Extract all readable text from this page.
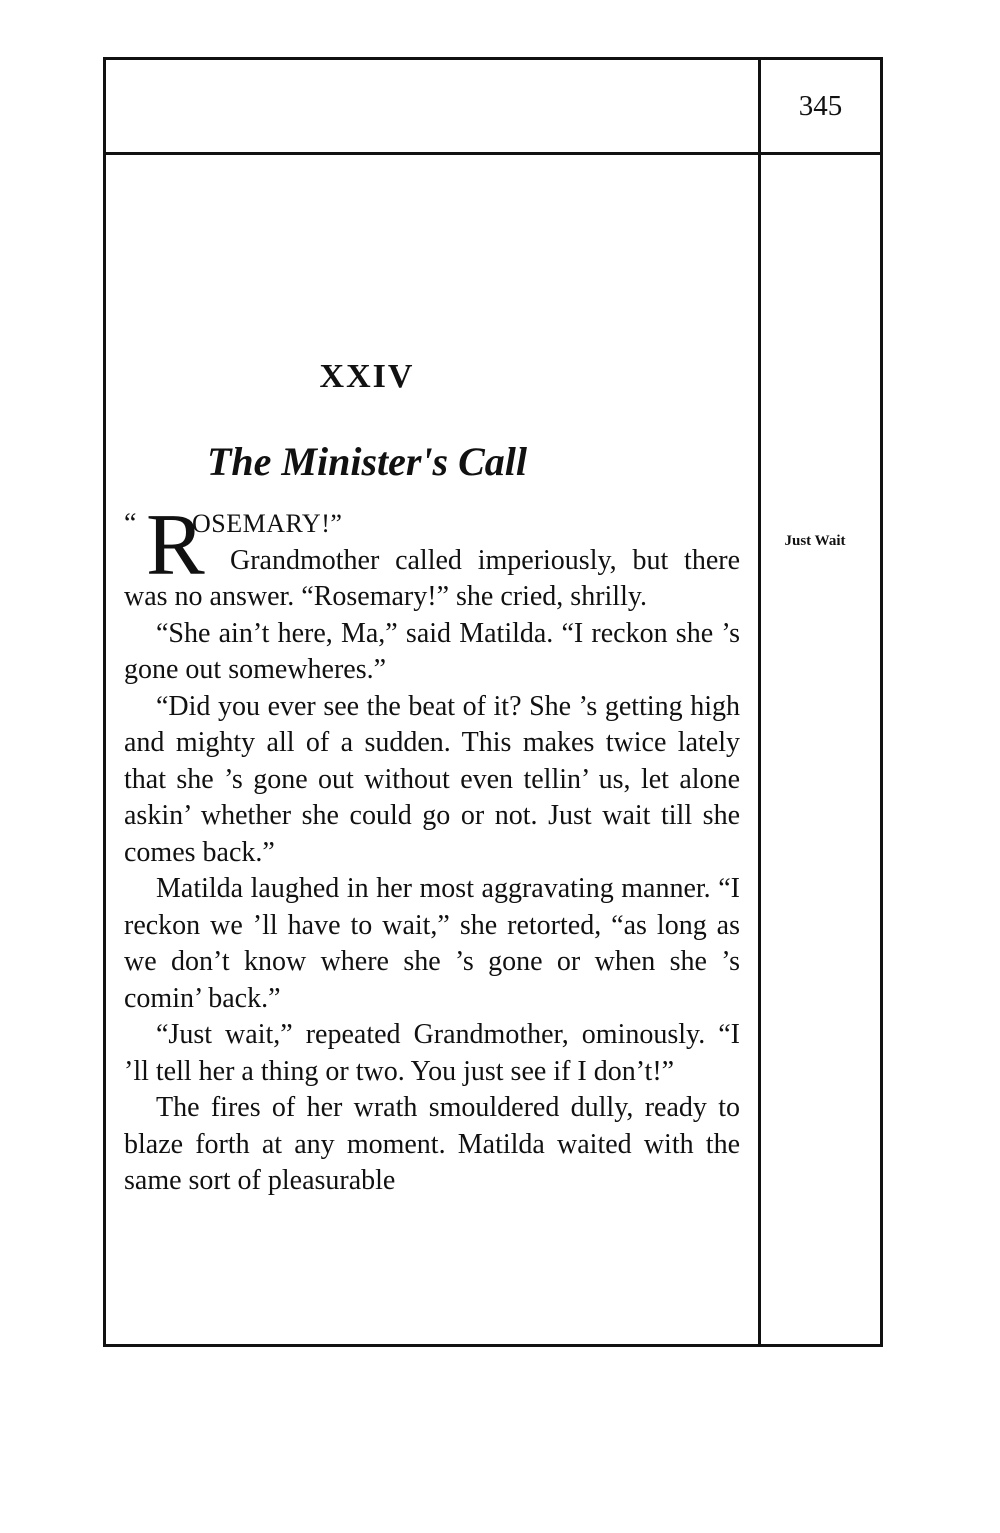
345
XXIV
The Minister's Call
Just Wait
“ R
OSEMARY!”

Grandmother called imperiously, but there was no answer. “Rosemary!” she cried, shrilly.

“She ain’t here, Ma,” said Matilda. “I reckon she ’s gone out somewheres.”

“Did you ever see the beat of it? She ’s getting high and mighty all of a sudden. This makes twice lately that she ’s gone out without even tellin’ us, let alone askin’ whether she could go or not. Just wait till she comes back.”

Matilda laughed in her most aggravating manner. “I reckon we ’ll have to wait,” she retorted, “as long as we don’t know where she ’s gone or when she ’s comin’ back.”

“Just wait,” repeated Grandmother, ominously. “I ’ll tell her a thing or two. You just see if I don’t!”

The fires of her wrath smouldered dully, ready to blaze forth at any moment. Matilda waited with the same sort of pleasurable
